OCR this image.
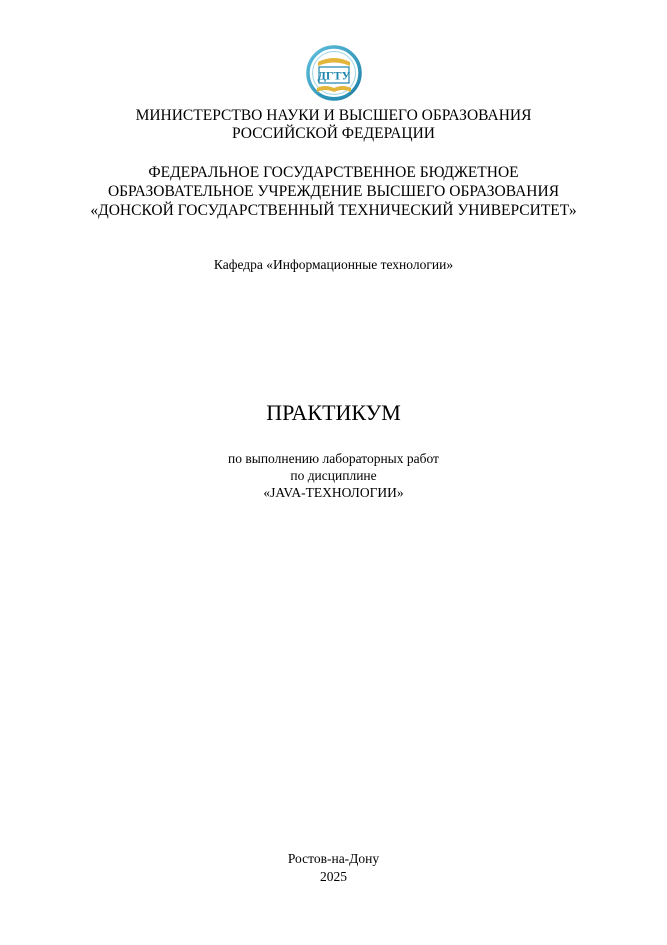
ДГТУ
МИНИСТЕРСТВО НАУКИ И ВЫСШЕГО ОБРАЗОВАНИЯ
РОССИЙСКОЙ ФЕДЕРАЦИИ
ФЕДЕРАЛЬНОЕ ГОСУДАРСТВЕННОЕ БЮДЖЕТНОЕ
ОБРАЗОВАТЕЛЬНОЕ УЧРЕЖДЕНИЕ ВЫСШЕГО ОБРАЗОВАНИЯ
«ДОНСКОЙ ГОСУДАРСТВЕННЫЙ ТЕХНИЧЕСКИЙ УНИВЕРСИТЕТ»
Кафедра «Информационные технологии»
ПРАКТИКУМ
по выполнению лабораторных работ
по дисциплине
«JAVA-ТЕХНОЛОГИИ»
Ростов-на-Дону
2025
